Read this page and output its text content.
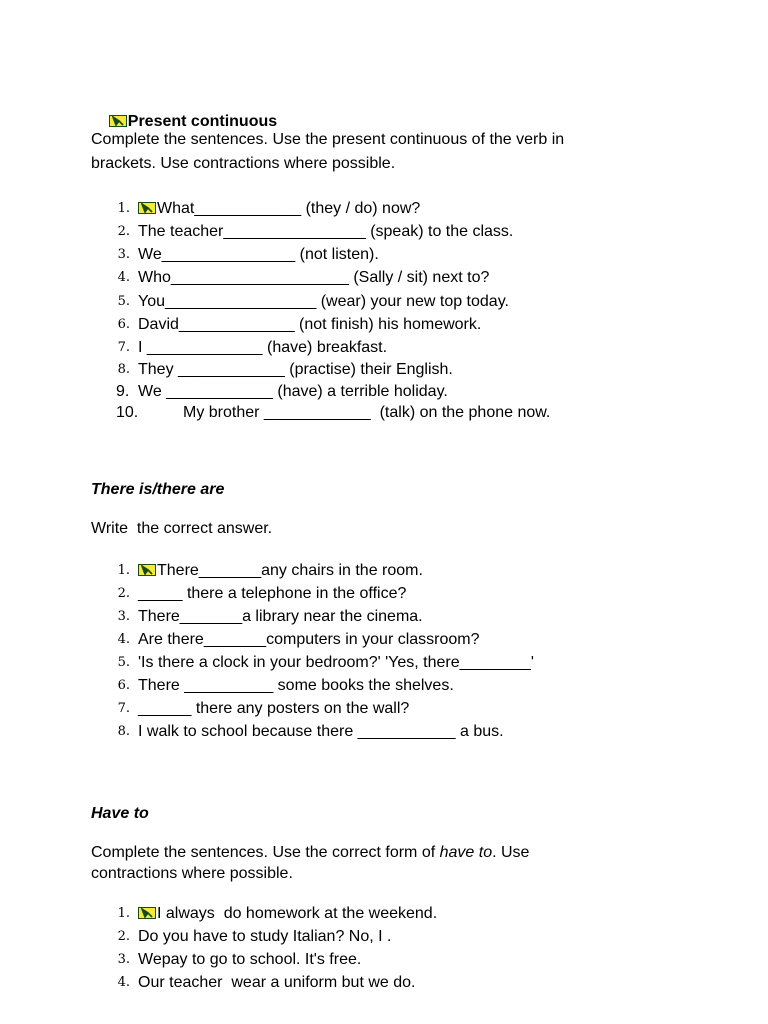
Present continuous

Complete the sentences. Use the present continuous of the verb in
brackets. Use contractions where possible.
1.	What____________ (they / do) now?
2. The teacher________________ (speak) to the class.
3. We_______________ (not listen).
4. Who____________________ (Sally / sit) next to?
5. You_________________ (wear) your new top today.
6. David_____________ (not finish) his homework.
7. I _____________ (have) breakfast.
8. They ____________ (practise) their English.
9. We ____________ (have) a terrible holiday.
10.	My brother ____________  (talk) on the phone now.
There is/there are
Write  the correct answer.
1.	There_______any chairs in the room.
2. _____ there a telephone in the office?
3. There_______a library near the cinema.
4. Are there_______computers in your classroom?
5. 'Is there a clock in your bedroom?' 'Yes, there________'
6. There __________ some books the shelves.
7. ______ there any posters on the wall?
8. I walk to school because there ___________ a bus.
Have to
Complete the sentences. Use the correct form of have to. Use
contractions where possible.
1.	I always  do homework at the weekend.
2. Do you have to study Italian? No, I .
3. Wepay to go to school. It's free.
4. Our teacher  wear a uniform but we do.
